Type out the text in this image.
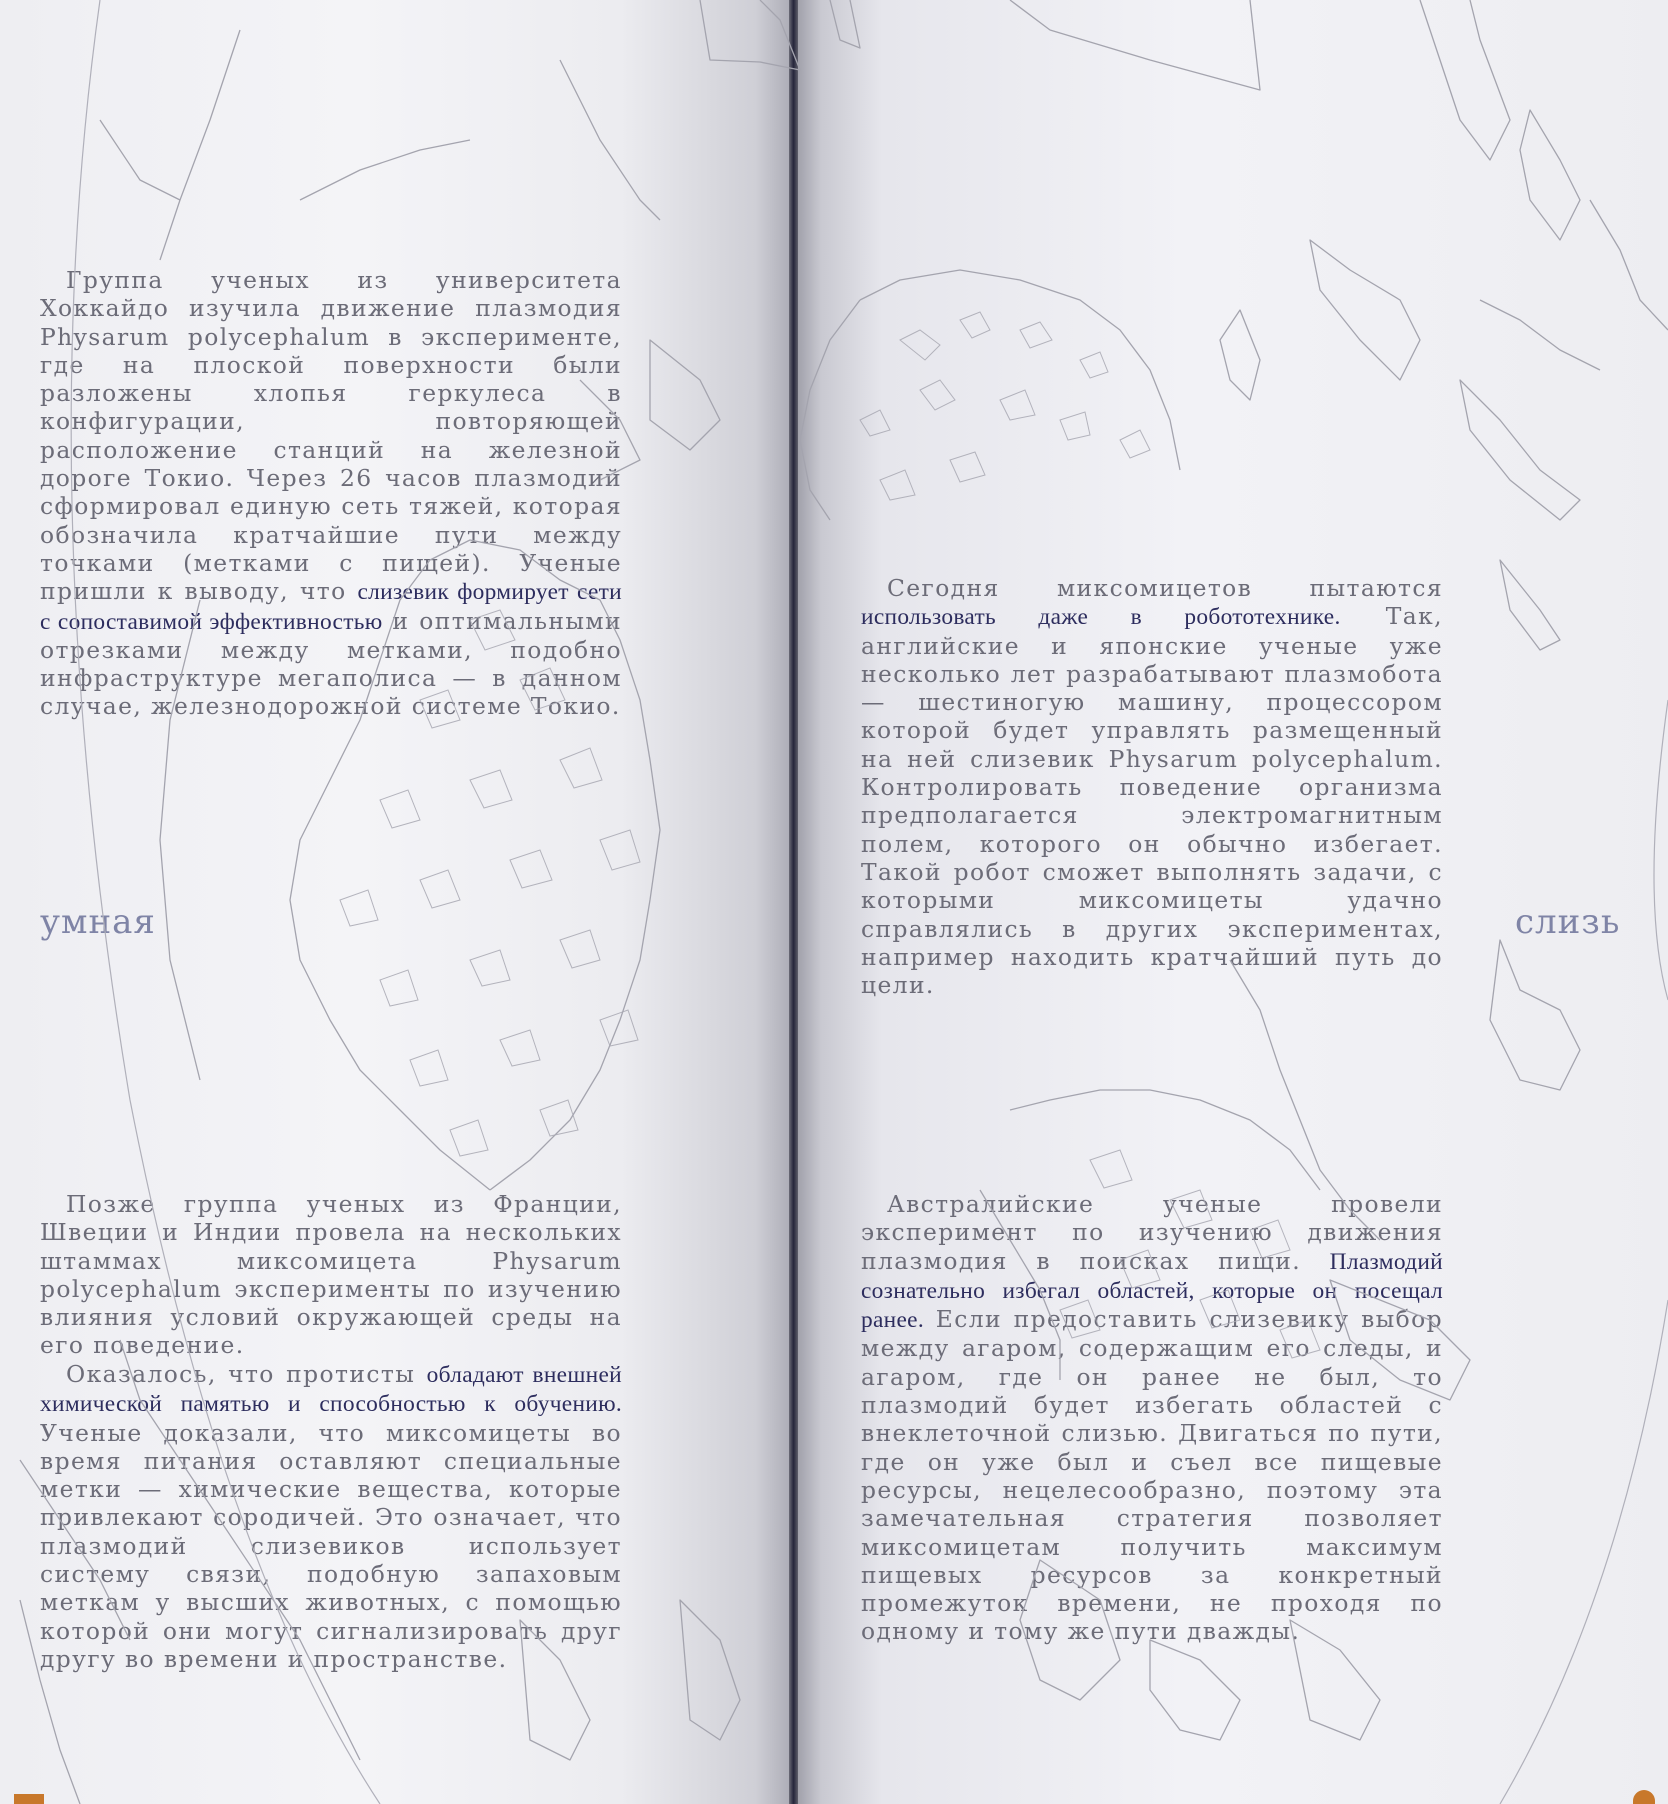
Группа ученых из университета Хоккайдо изучила движение плазмодия Physarum polycephalum в эксперименте, где на плоской поверхности были разложены хлопья геркулеса в конфигурации, повторяющей расположение станций на железной дороге Токио. Через 26 часов плазмодий сформировал единую сеть тяжей, которая обозначила кратчайшие пути между точками (метками с пищей). Ученые пришли к выводу, что слизевик формирует сети с сопоставимой эффективностью и оптимальными отрезками между метками, подобно инфраструктуре мегаполиса — в данном случае, железнодорожной системе Токио.

умная

Позже группа ученых из Франции, Швеции и Индии провела на нескольких штаммах миксомицета Physarum polycephalum эксперименты по изучению влияния условий окружающей среды на его поведение.

Оказалось, что протисты обладают внешней химической памятью и способностью к обучению. Ученые доказали, что миксомицеты во время питания оставляют специальные метки — химические вещества, которые привлекают сородичей. Это означает, что плазмодий слизевиков использует систему связи, подобную запаховым меткам у высших животных, с помощью которой они могут сигнализировать друг другу во времени и пространстве.

Сегодня миксомицетов пытаются использовать даже в робототехнике. Так, английские и японские ученые уже несколько лет разрабатывают плазмобота — шестиногую машину, процессором которой будет управлять размещенный на ней слизевик Physarum polycephalum. Контролировать поведение организма предполагается электромагнитным полем, которого он обычно избегает. Такой робот сможет выполнять задачи, с которыми миксомицеты удачно справлялись в других экспериментах, например находить кратчайший путь до цели.

слизь

Австралийские ученые провели эксперимент по изучению движения плазмодия в поисках пищи. Плазмодий сознательно избегал областей, которые он посещал ранее. Если предоставить слизевику выбор между агаром, содержащим его следы, и агаром, где он ранее не был, то плазмодий будет избегать областей с внеклеточной слизью. Двигаться по пути, где он уже был и съел все пищевые ресурсы, нецелесообразно, поэтому эта замечательная стратегия позволяет миксомицетам получить максимум пищевых ресурсов за конкретный промежуток времени, не проходя по одному и тому же пути дважды.
